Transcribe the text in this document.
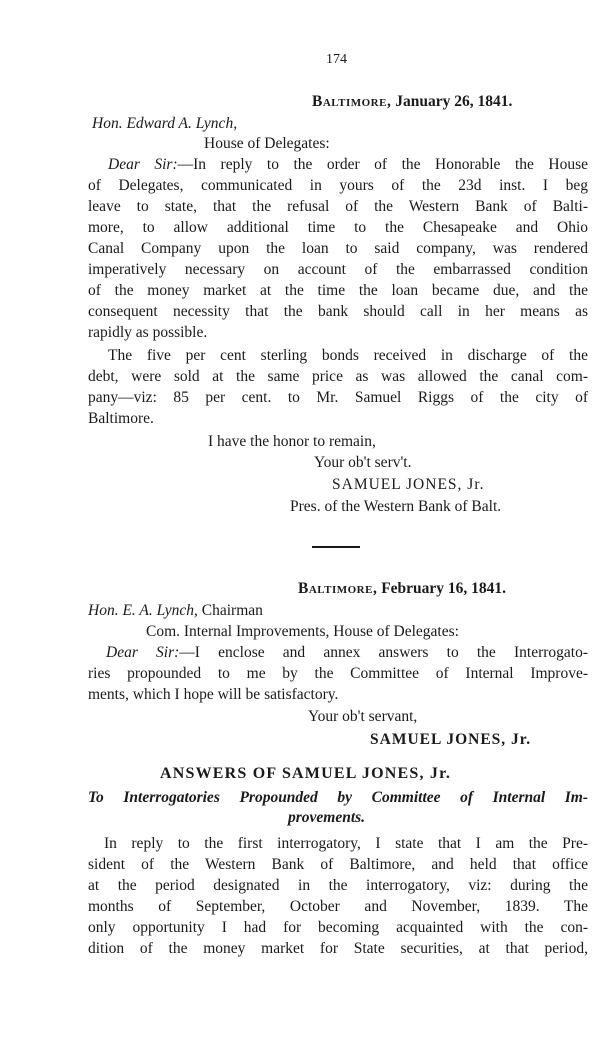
174
Baltimore, January 26, 1841.
Hon. Edward A. Lynch,
House of Delegates:
Dear Sir:—In reply to the order of the Honorable the House
of Delegates, communicated in yours of the 23d inst. I beg
leave to state, that the refusal of the Western Bank of Balti-
more, to allow additional time to the Chesapeake and Ohio
Canal Company upon the loan to said company, was rendered
imperatively necessary on account of the embarrassed condition
of the money market at the time the loan became due, and the
consequent necessity that the bank should call in her means as
rapidly as possible.
The five per cent sterling bonds received in discharge of the
debt, were sold at the same price as was allowed the canal com-
pany—viz: 85 per cent. to Mr. Samuel Riggs of the city of
Baltimore.
I have the honor to remain,
Your ob't serv't.
SAMUEL JONES, Jr.
Pres. of the Western Bank of Balt.
Baltimore, February 16, 1841.
Hon. E. A. Lynch, Chairman
Com. Internal Improvements, House of Delegates:
Dear Sir:—I enclose and annex answers to the Interrogato-
ries propounded to me by the Committee of Internal Improve-
ments, which I hope will be satisfactory.
Your ob't servant,
SAMUEL JONES, Jr.
ANSWERS OF SAMUEL JONES, Jr.
To Interrogatories Propounded by Committee of Internal Im-
provements.
In reply to the first interrogatory, I state that I am the Pre-
sident of the Western Bank of Baltimore, and held that office
at the period designated in the interrogatory, viz: during the
months of September, October and November, 1839. The
only opportunity I had for becoming acquainted with the con-
dition of the money market for State securities, at that period,
